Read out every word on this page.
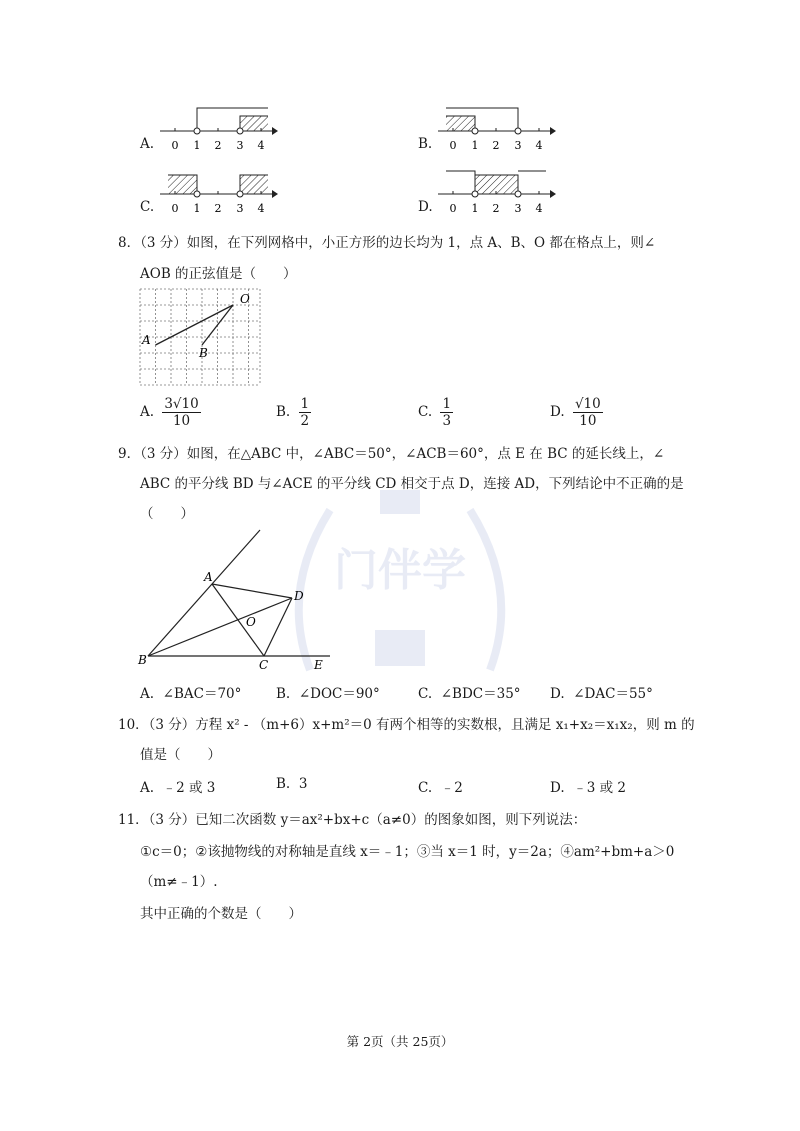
门伴学
A. 0 1 2 3 4	B. 0 1 2 3 4
C. 0 1 2 3 4	D. 0 1 2 3 4
8．（3 分）如图，在下列网格中，小正方形的边长均为 1，点 A、B、O 都在格点上，则∠
AOB 的正弦值是（　　）
A
B
O
A. $\frac{3√10}{10}$	B. $\frac{1}{2}$	C. $\frac{1}{3}$	D. $\frac{√10}{10}$
9．（3 分）如图，在△ABC 中，∠ABC＝50°，∠ACB＝60°，点 E 在 BC 的延长线上，∠
ABC 的平分线 BD 与∠ACE 的平分线 CD 相交于点 D，连接 AD，下列结论中不正确的是
（　　）
A
B	C
D
E
O
A. ∠BAC＝70°	B. ∠DOC＝90°	C. ∠BDC＝35° D. ∠DAC＝55°
10．（3 分）方程 x² - （m+6）x+m²＝0 有两个相等的实数根，且满足 x₁+x₂＝x₁x₂，则 m 的
值是（　　）
A. ﹣2 或 3	B. 3	C. ﹣2	D. ﹣3 或 2
11．（3 分）已知二次函数 y＝ax²+bx+c（a≠0）的图象如图，则下列说法：
①c＝0；②该抛物线的对称轴是直线 x＝﹣1；③当 x＝1 时，y＝2a；④am²+bm+a＞0
（m≠﹣1）.
其中正确的个数是（　　）
第 2页（共 25页）
